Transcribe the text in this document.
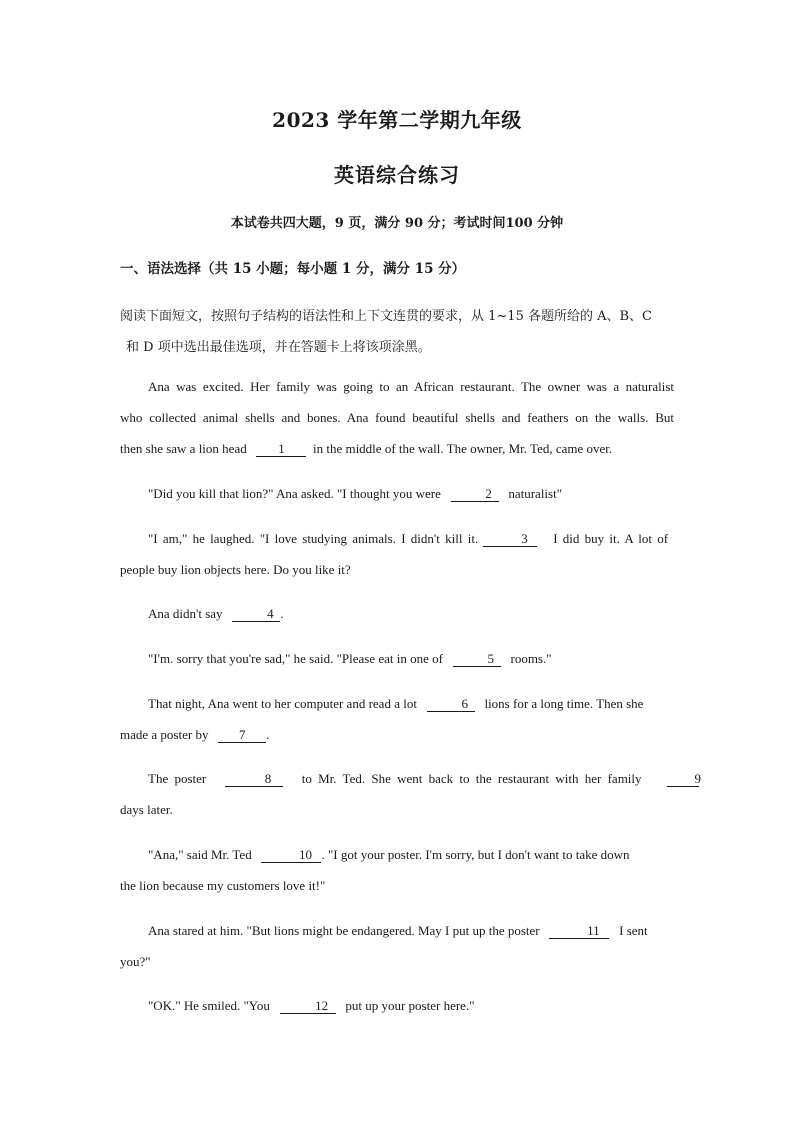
2023 学年第二学期九年级
英语综合练习
本试卷共四大题，9 页，满分 90 分；考试时间100 分钟
一、语法选择（共 15 小题；每小题 1 分，满分 15 分）
阅读下面短文，按照句子结构的语法性和上下文连贯的要求，从 1~15 各题所给的 A、B、C
和 D 项中选出最佳选项，并在答题卡上将该项涂黑。
Ana was excited. Her family was going to an African restaurant. The owner was a naturalist
who collected animal shells and bones. Ana found beautiful shells and feathers on the walls. But
then she saw a lion head 1 in the middle of the wall. The owner, Mr. Ted, came over.
"Did you kill that lion?" Ana asked. "I thought you were	2 naturalist"
"I am," he laughed. "I love studying animals. I didn't kill it.	3 I did buy it. A lot of
people buy lion objects here. Do you like it?
Ana didn't say	4 .
"I'm. sorry that you're sad," he said. "Please eat in one of	5 rooms."
That night, Ana went to her computer and read a lot	6 lions for a long time. Then she
made a poster by 7 .
The poster	8 to Mr. Ted. She went back to the restaurant with her family	9
days later.
"Ana," said Mr. Ted	10 . "I got your poster. I'm sorry, but I don't want to take down
the lion because my customers love it!"
Ana stared at him. "But lions might be endangered. May I put up the poster	11 I sent
you?"
"OK." He smiled. "You	12 put up your poster here."
